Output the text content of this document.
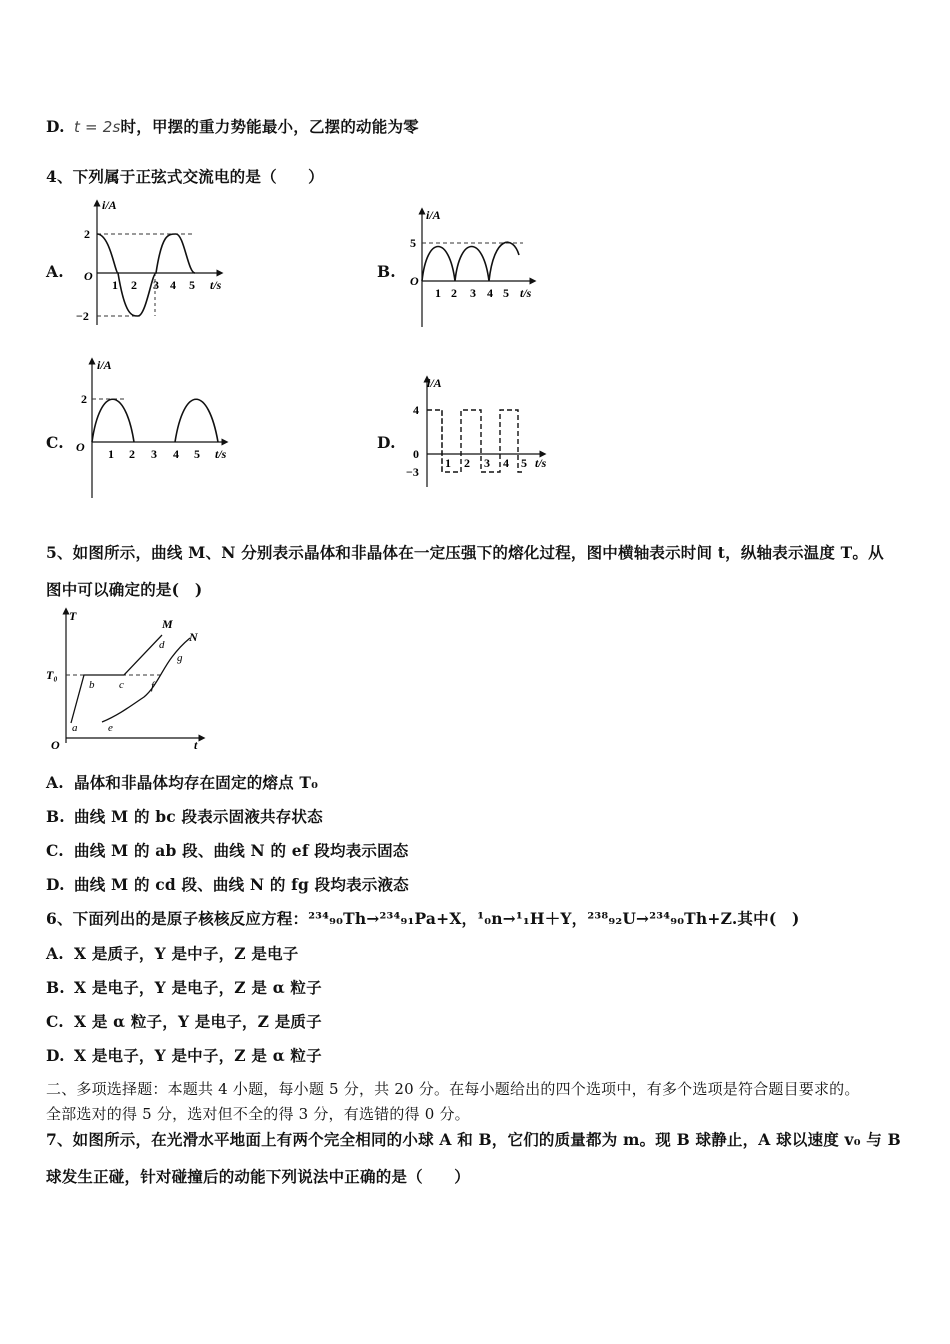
D. t = 2s时，甲摆的重力势能最小，乙摆的动能为零
4、下列属于正弦式交流电的是（　　）
A.	B.
C.	D.
i/A
2
−2
O
1 2 3 4 5 t/s
i/A
5
O
1 2 3 4 5 t/s
i/A
2
O 1 2 3 4 5 t/s
i/A
4
−3
0
1 2 3 4 5 t/s
5、如图所示，曲线 M、N 分别表示晶体和非晶体在一定压强下的熔化过程，图中横轴表示时间 t，纵轴表示温度 T。从
图中可以确定的是(　)
T
T₀
O	t
a
b c
d
M
N
e
f
g
A. 晶体和非晶体均存在固定的熔点 T₀
B. 曲线 M 的 bc 段表示固液共存状态
C. 曲线 M 的 ab 段、曲线 N 的 ef 段均表示固态
D. 曲线 M 的 cd 段、曲线 N 的 fg 段均表示液态
6、下面列出的是原子核核反应方程：²³⁴₉₀Th→²³⁴₉₁Pa+X，¹₀n→¹₁H＋Y，²³⁸₉₂U→²³⁴₉₀Th+Z.其中(　)
A. X 是质子，Y 是中子，Z 是电子
B. X 是电子，Y 是电子，Z 是 α 粒子
C. X 是 α 粒子，Y 是电子，Z 是质子
D. X 是电子，Y 是中子，Z 是 α 粒子
二、多项选择题：本题共 4 小题，每小题 5 分，共 20 分。在每小题给出的四个选项中，有多个选项是符合题目要求的。
全部选对的得 5 分，选对但不全的得 3 分，有选错的得 0 分。
7、如图所示，在光滑水平地面上有两个完全相同的小球 A 和 B，它们的质量都为 m。现 B 球静止，A 球以速度 v₀ 与 B
球发生正碰，针对碰撞后的动能下列说法中正确的是（　　）
